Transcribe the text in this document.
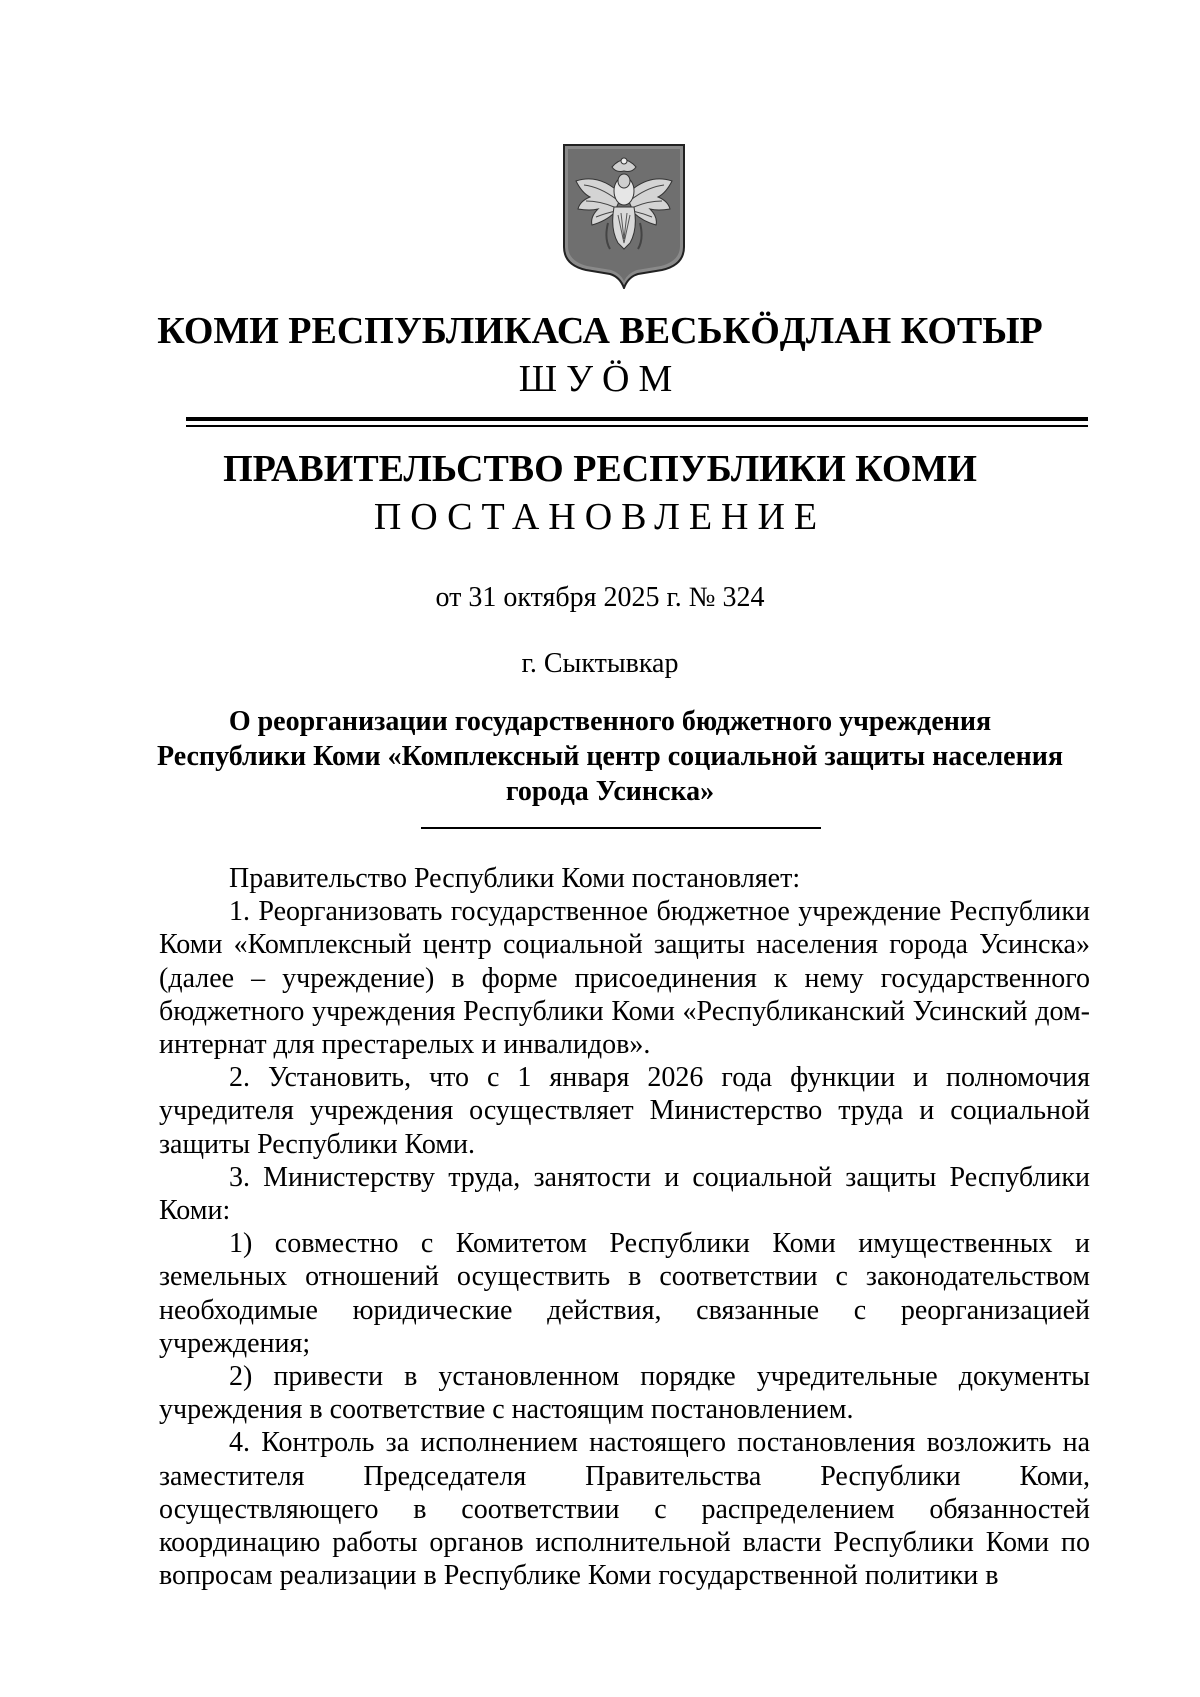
КОМИ РЕСПУБЛИКАСА ВЕСЬКӦДЛАН КОТЫР
ШУӦМ
ПРАВИТЕЛЬСТВО РЕСПУБЛИКИ КОМИ
ПОСТАНОВЛЕНИЕ
от 31 октября 2025 г. № 324
г. Сыктывкар
О реорганизации государственного бюджетного учреждения
Республики Коми «Комплексный центр социальной защиты населения
города Усинска»

Правительство Республики Коми постановляет:

1. Реорганизовать государственное бюджетное учреждение Республики Коми «Комплексный центр социальной защиты населения города Усинска» (далее – учреждение) в форме присоединения к нему государственного бюджетного учреждения Республики Коми «Республиканский Усинский дом-интернат для престарелых и инвалидов».

2. Установить, что с 1 января 2026 года функции и полномочия учредителя учреждения осуществляет Министерство труда и социальной защиты Республики Коми.

3. Министерству труда, занятости и социальной защиты Республики Коми:

1) совместно с Комитетом Республики Коми имущественных и земельных отношений осуществить в соответствии с законодательством необходимые юридические действия, связанные с реорганизацией учреждения;

2) привести в установленном порядке учредительные документы учреждения в соответствие с настоящим постановлением.

4. Контроль за исполнением настоящего постановления возложить на заместителя Председателя Правительства Республики Коми, осуществляющего в соответствии с распределением обязанностей координацию работы органов исполнительной власти Республики Коми по вопросам реализации в Республике Коми государственной политики в
